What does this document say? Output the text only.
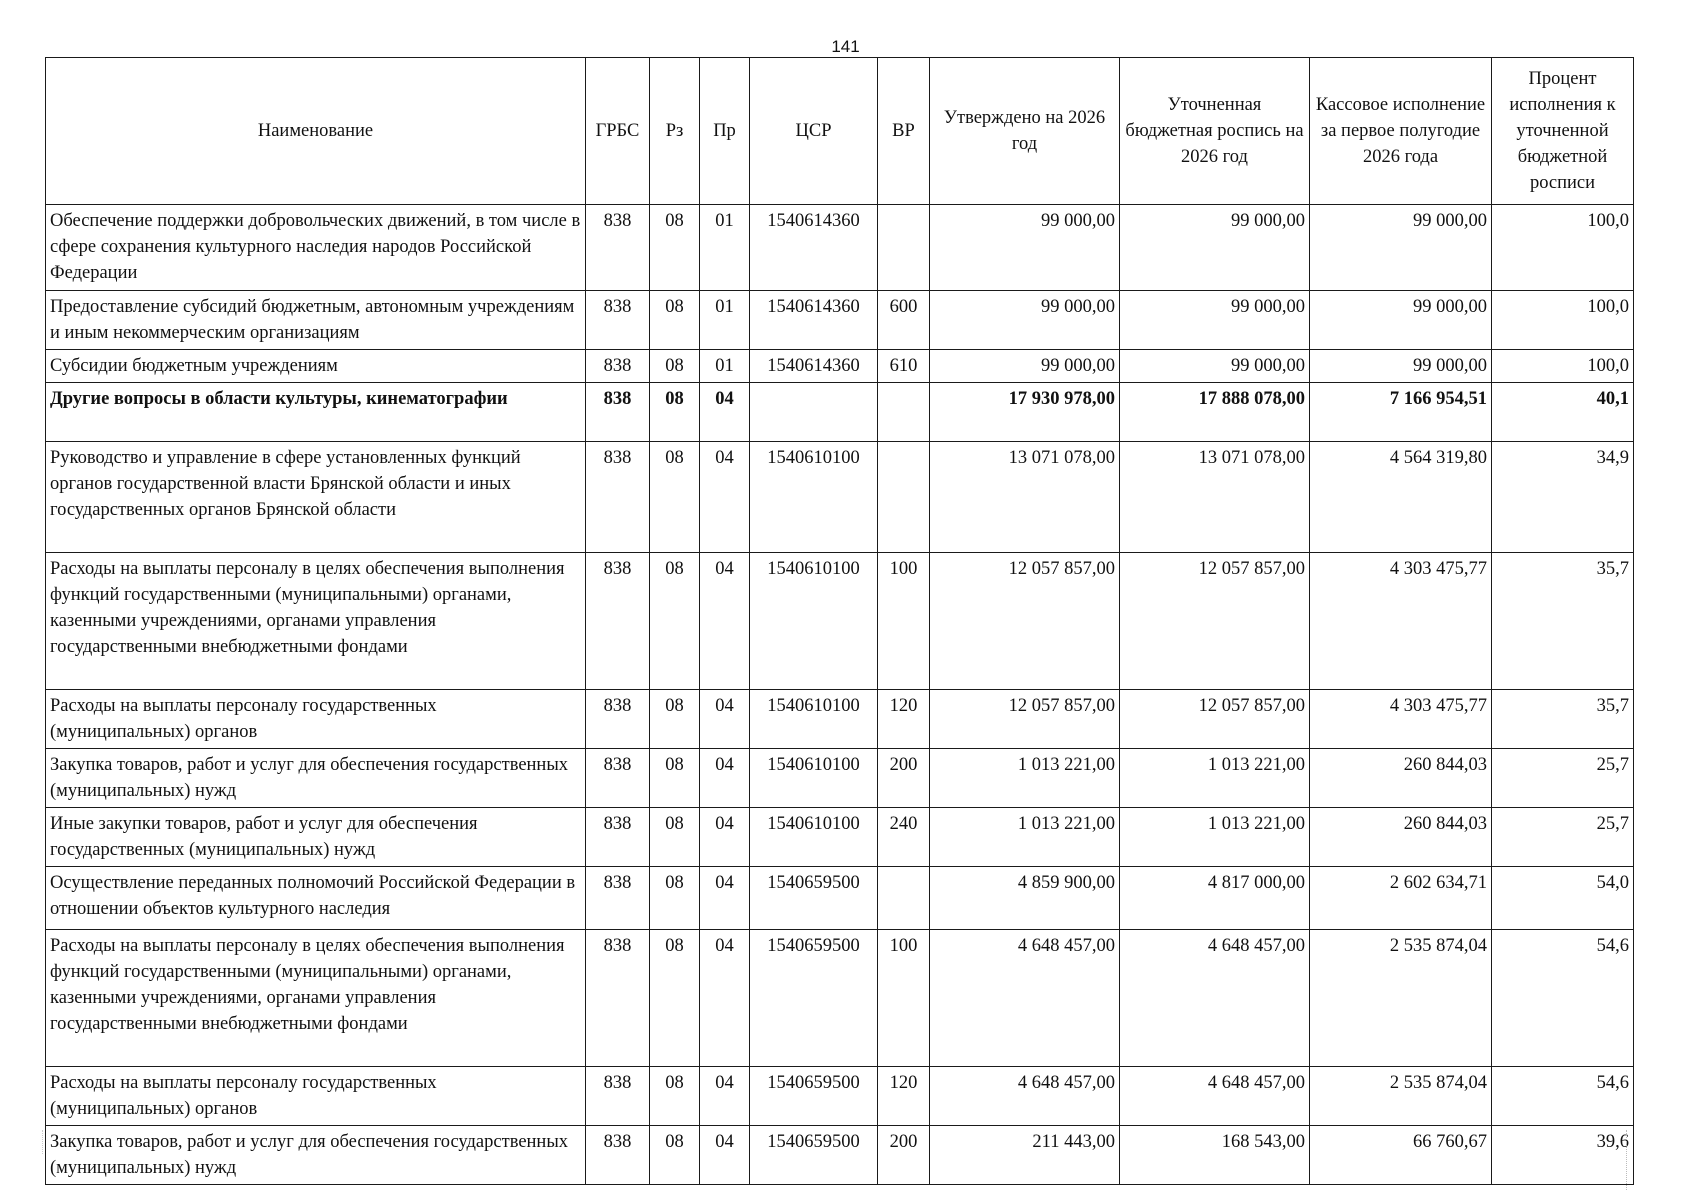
141
Наименование	ГРБС	Рз	Пр	ЦСР	ВР	Утверждено на 2026 год	Уточненная бюджетная роспись на 2026 год	Кассовое исполнение за первое полугодие 2026 года	Процент исполнения к уточненной бюджетной росписи
Обеспечение поддержки добровольческих движений, в том числе в сфере сохранения культурного наследия народов Российской Федерации	838	08	01	1540614360		99 000,00	99 000,00	99 000,00	100,0
Предоставление субсидий бюджетным, автономным учреждениям и иным некоммерческим организациям	838	08	01	1540614360	600	99 000,00	99 000,00	99 000,00	100,0
Субсидии бюджетным учреждениям	838	08	01	1540614360	610	99 000,00	99 000,00	99 000,00	100,0
Другие вопросы в области культуры, кинематографии	838	08	04			17 930 978,00	17 888 078,00	7 166 954,51	40,1
Руководство и управление в сфере установленных функций органов государственной власти Брянской области и иных государственных органов Брянской области	838	08	04	1540610100		13 071 078,00	13 071 078,00	4 564 319,80	34,9
Расходы на выплаты персоналу в целях обеспечения выполнения функций государственными (муниципальными) органами, казенными учреждениями, органами управления государственными внебюджетными фондами	838	08	04	1540610100	100	12 057 857,00	12 057 857,00	4 303 475,77	35,7
Расходы на выплаты персоналу государственных (муниципальных) органов	838	08	04	1540610100	120	12 057 857,00	12 057 857,00	4 303 475,77	35,7
Закупка товаров, работ и услуг для обеспечения государственных (муниципальных) нужд	838	08	04	1540610100	200	1 013 221,00	1 013 221,00	260 844,03	25,7
Иные закупки товаров, работ и услуг для обеспечения государственных (муниципальных) нужд	838	08	04	1540610100	240	1 013 221,00	1 013 221,00	260 844,03	25,7
Осуществление переданных полномочий Российской Федерации в отношении объектов культурного наследия	838	08	04	1540659500		4 859 900,00	4 817 000,00	2 602 634,71	54,0
Расходы на выплаты персоналу в целях обеспечения выполнения функций государственными (муниципальными) органами, казенными учреждениями, органами управления государственными внебюджетными фондами	838	08	04	1540659500	100	4 648 457,00	4 648 457,00	2 535 874,04	54,6
Расходы на выплаты персоналу государственных (муниципальных) органов	838	08	04	1540659500	120	4 648 457,00	4 648 457,00	2 535 874,04	54,6
Закупка товаров, работ и услуг для обеспечения государственных (муниципальных) нужд	838	08	04	1540659500	200	211 443,00	168 543,00	66 760,67	39,6
